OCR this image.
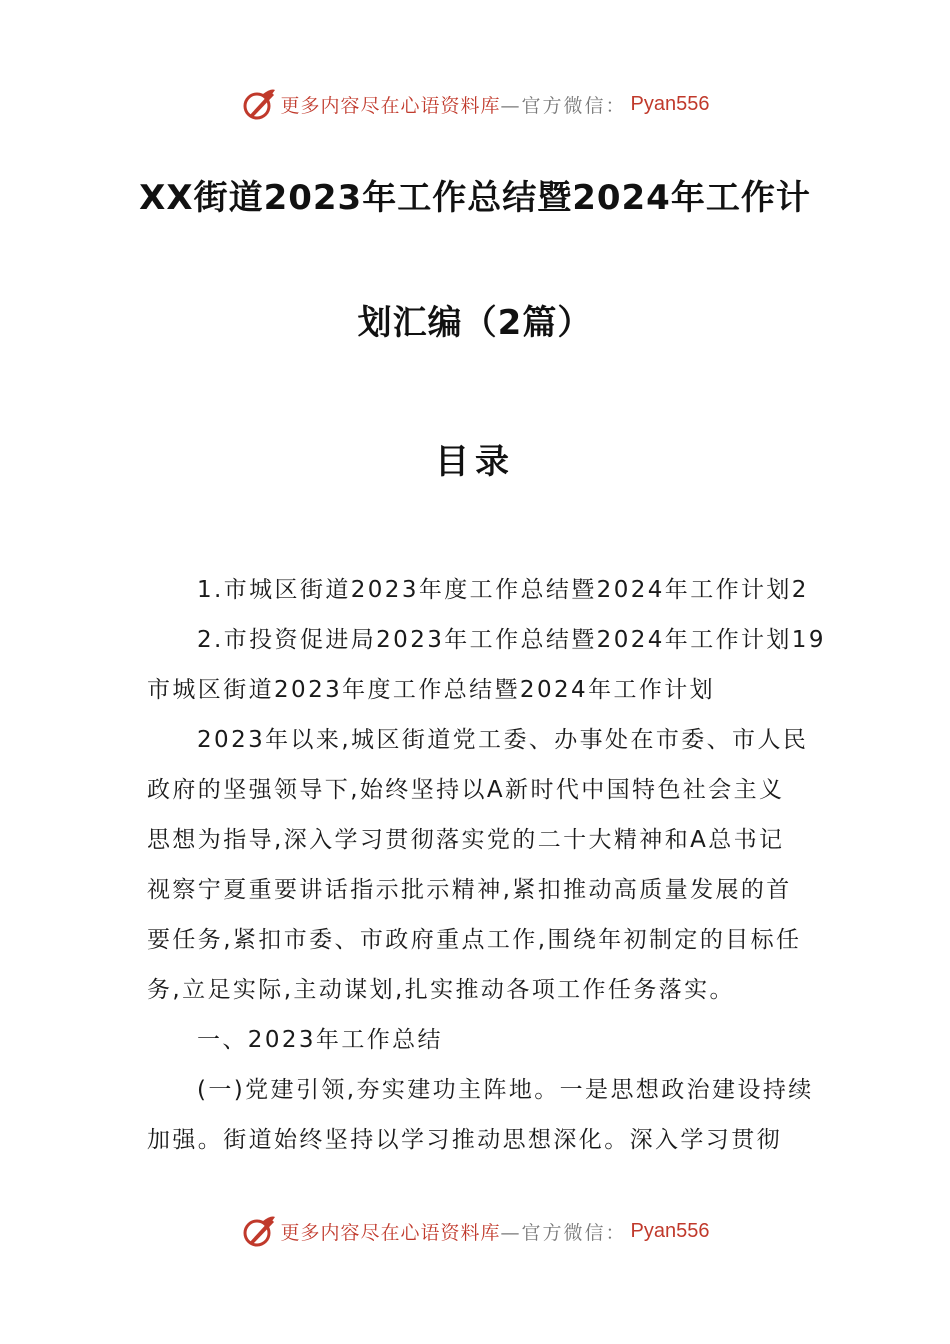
更多内容尽在心语资料库 —官方微信： Pyan556
XX街道2023年工作总结暨2024年工作计
划汇编（2篇）
目录
1.市城区街道2023年度工作总结暨2024年工作计划2
2.市投资促进局2023年工作总结暨2024年工作计划19
市城区街道2023年度工作总结暨2024年工作计划
2023年以来,城区街道党工委、办事处在市委、市人民
政府的坚强领导下,始终坚持以A新时代中国特色社会主义
思想为指导,深入学习贯彻落实党的二十大精神和A总书记
视察宁夏重要讲话指示批示精神,紧扣推动高质量发展的首
要任务,紧扣市委、市政府重点工作,围绕年初制定的目标任
务,立足实际,主动谋划,扎实推动各项工作任务落实。
一、2023年工作总结
(一)党建引领,夯实建功主阵地。一是思想政治建设持续
加强。街道始终坚持以学习推动思想深化。深入学习贯彻
更多内容尽在心语资料库 —官方微信： Pyan556
